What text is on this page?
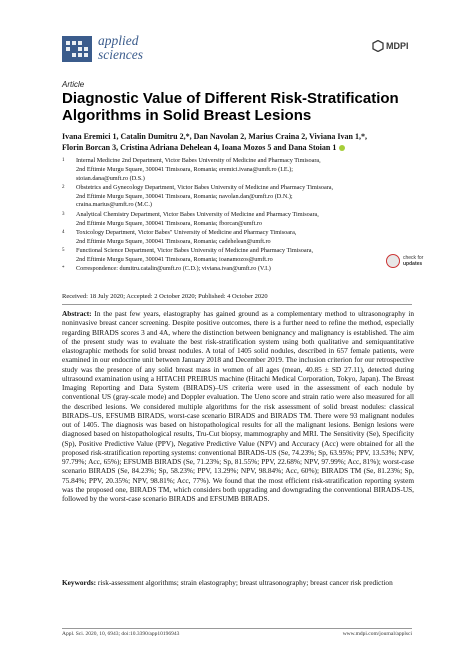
applied
sciences
MDPI
Article
Diagnostic Value of Different Risk-Stratification Algorithms in Solid Breast Lesions
Ivana Eremici 1, Catalin Dumitru 2,*, Dan Navolan 2, Marius Craina 2, Viviana Ivan 1,*,
Florin Borcan 3, Cristina Adriana Dehelean 4, Ioana Mozos 5 and Dana Stoian 1
1	Internal Medicine 2nd Department, Victor Babes University of Medicine and Pharmacy Timisoara,
2nd Eftimie Murgu Square, 300041 Timisoara, Romania; eremici.ivana@umft.ro (I.E.);
stoian.dana@umft.ro (D.S.)
2	Obstetrics and Gynecology Department, Victor Babes University of Medicine and Pharmacy Timisoara,
2nd Eftimie Murgu Square, 300041 Timisoara, Romania; navolan.dan@umft.ro (D.N.);
craina.marius@umft.ro (M.C.)
3	Analytical Chemistry Department, Victor Babes University of Medicine and Pharmacy Timisoara,
2nd Eftimie Murgu Square, 300041 Timisoara, Romania; fborcan@umft.ro
4	Toxicology Department, Victor Babes" University of Medicine and Pharmacy Timisoara,
2nd Eftimie Murgu Square, 300041 Timisoara, Romania; cadehelean@umft.ro
5	Functional Science Department, Victor Babes University of Medicine and Pharmacy Timisoara,
2nd Eftimie Murgu Square, 300041 Timisoara, Romania; ioanamozos@umft.ro
*	Correspondence: dumitru.catalin@umft.ro (C.D.); viviana.ivan@umft.ro (V.I.)
check for
updates
Received: 18 July 2020; Accepted: 2 October 2020; Published: 4 October 2020
Abstract: In the past few years, elastography has gained ground as a complementary method to ultrasonography in noninvasive breast cancer screening. Despite positive outcomes, there is a further need to refine the method, especially regarding BIRADS scores 3 and 4A, where the distinction between benignancy and malignancy is established. The aim of the present study was to evaluate the best risk-stratification system using both qualitative and semiquantitative elastographic methods for solid breast nodules. A total of 1405 solid nodules, described in 657 female patients, were examined in our endocrine unit between January 2018 and December 2019. The inclusion criterion for our retrospective study was the presence of any solid breast mass in women of all ages (mean, 40.85 ± SD 27.11), detected during ultrasound examination using a HITACHI PREIRUS machine (Hitachi Medical Corporation, Tokyo, Japan). The Breast Imaging Reporting and Data System (BIRADS)–US criteria were used in the assessment of each nodule by conventional US (gray-scale mode) and Doppler evaluation. The Ueno score and strain ratio were also measured for all the described lesions. We considered multiple algorithms for the risk assessment of solid breast nodules: classical BIRADS–US, EFSUMB BIRADS, worst-case scenario BIRADS and BIRADS TM. There were 93 malignant nodules out of 1405. The diagnosis was based on histopathological results for all the malignant lesions. Benign lesions were diagnosed based on histopathological results, Tru-Cut biopsy, mammography and MRI. The Sensitivity (Se), Specificity (Sp), Positive Predictive Value (PPV), Negative Predictive Value (NPV) and Accuracy (Acc) were obtained for all the proposed risk-stratification reporting systems: conventional BIRADS-US (Se, 74.23%; Sp, 63.95%; PPV, 13.53%; NPV, 97.79%; Acc, 65%); EFSUMB BIRADS (Se, 71.23%; Sp, 81.55%; PPV, 22.68%; NPV, 97.99%; Acc, 81%); worst-case scenario BIRADS (Se, 84.23%; Sp, 58.23%; PPV, 13.29%; NPV, 98.84%; Acc, 60%); BIRADS TM (Se, 81.23%; Sp, 75.84%; PPV, 20.35%; NPV, 98.81%; Acc, 77%). We found that the most efficient risk-stratification reporting system was the proposed one, BIRADS TM, which considers both upgrading and downgrading the conventional BIRADS-US, followed by the worst-case scenario BIRADS and EFSUMB BIRADS.
Keywords: risk-assessment algorithms; strain elastography; breast ultrasonography; breast cancer risk prediction
Appl. Sci. 2020, 10, 6943; doi:10.3390/app10196943	www.mdpi.com/journal/applsci
